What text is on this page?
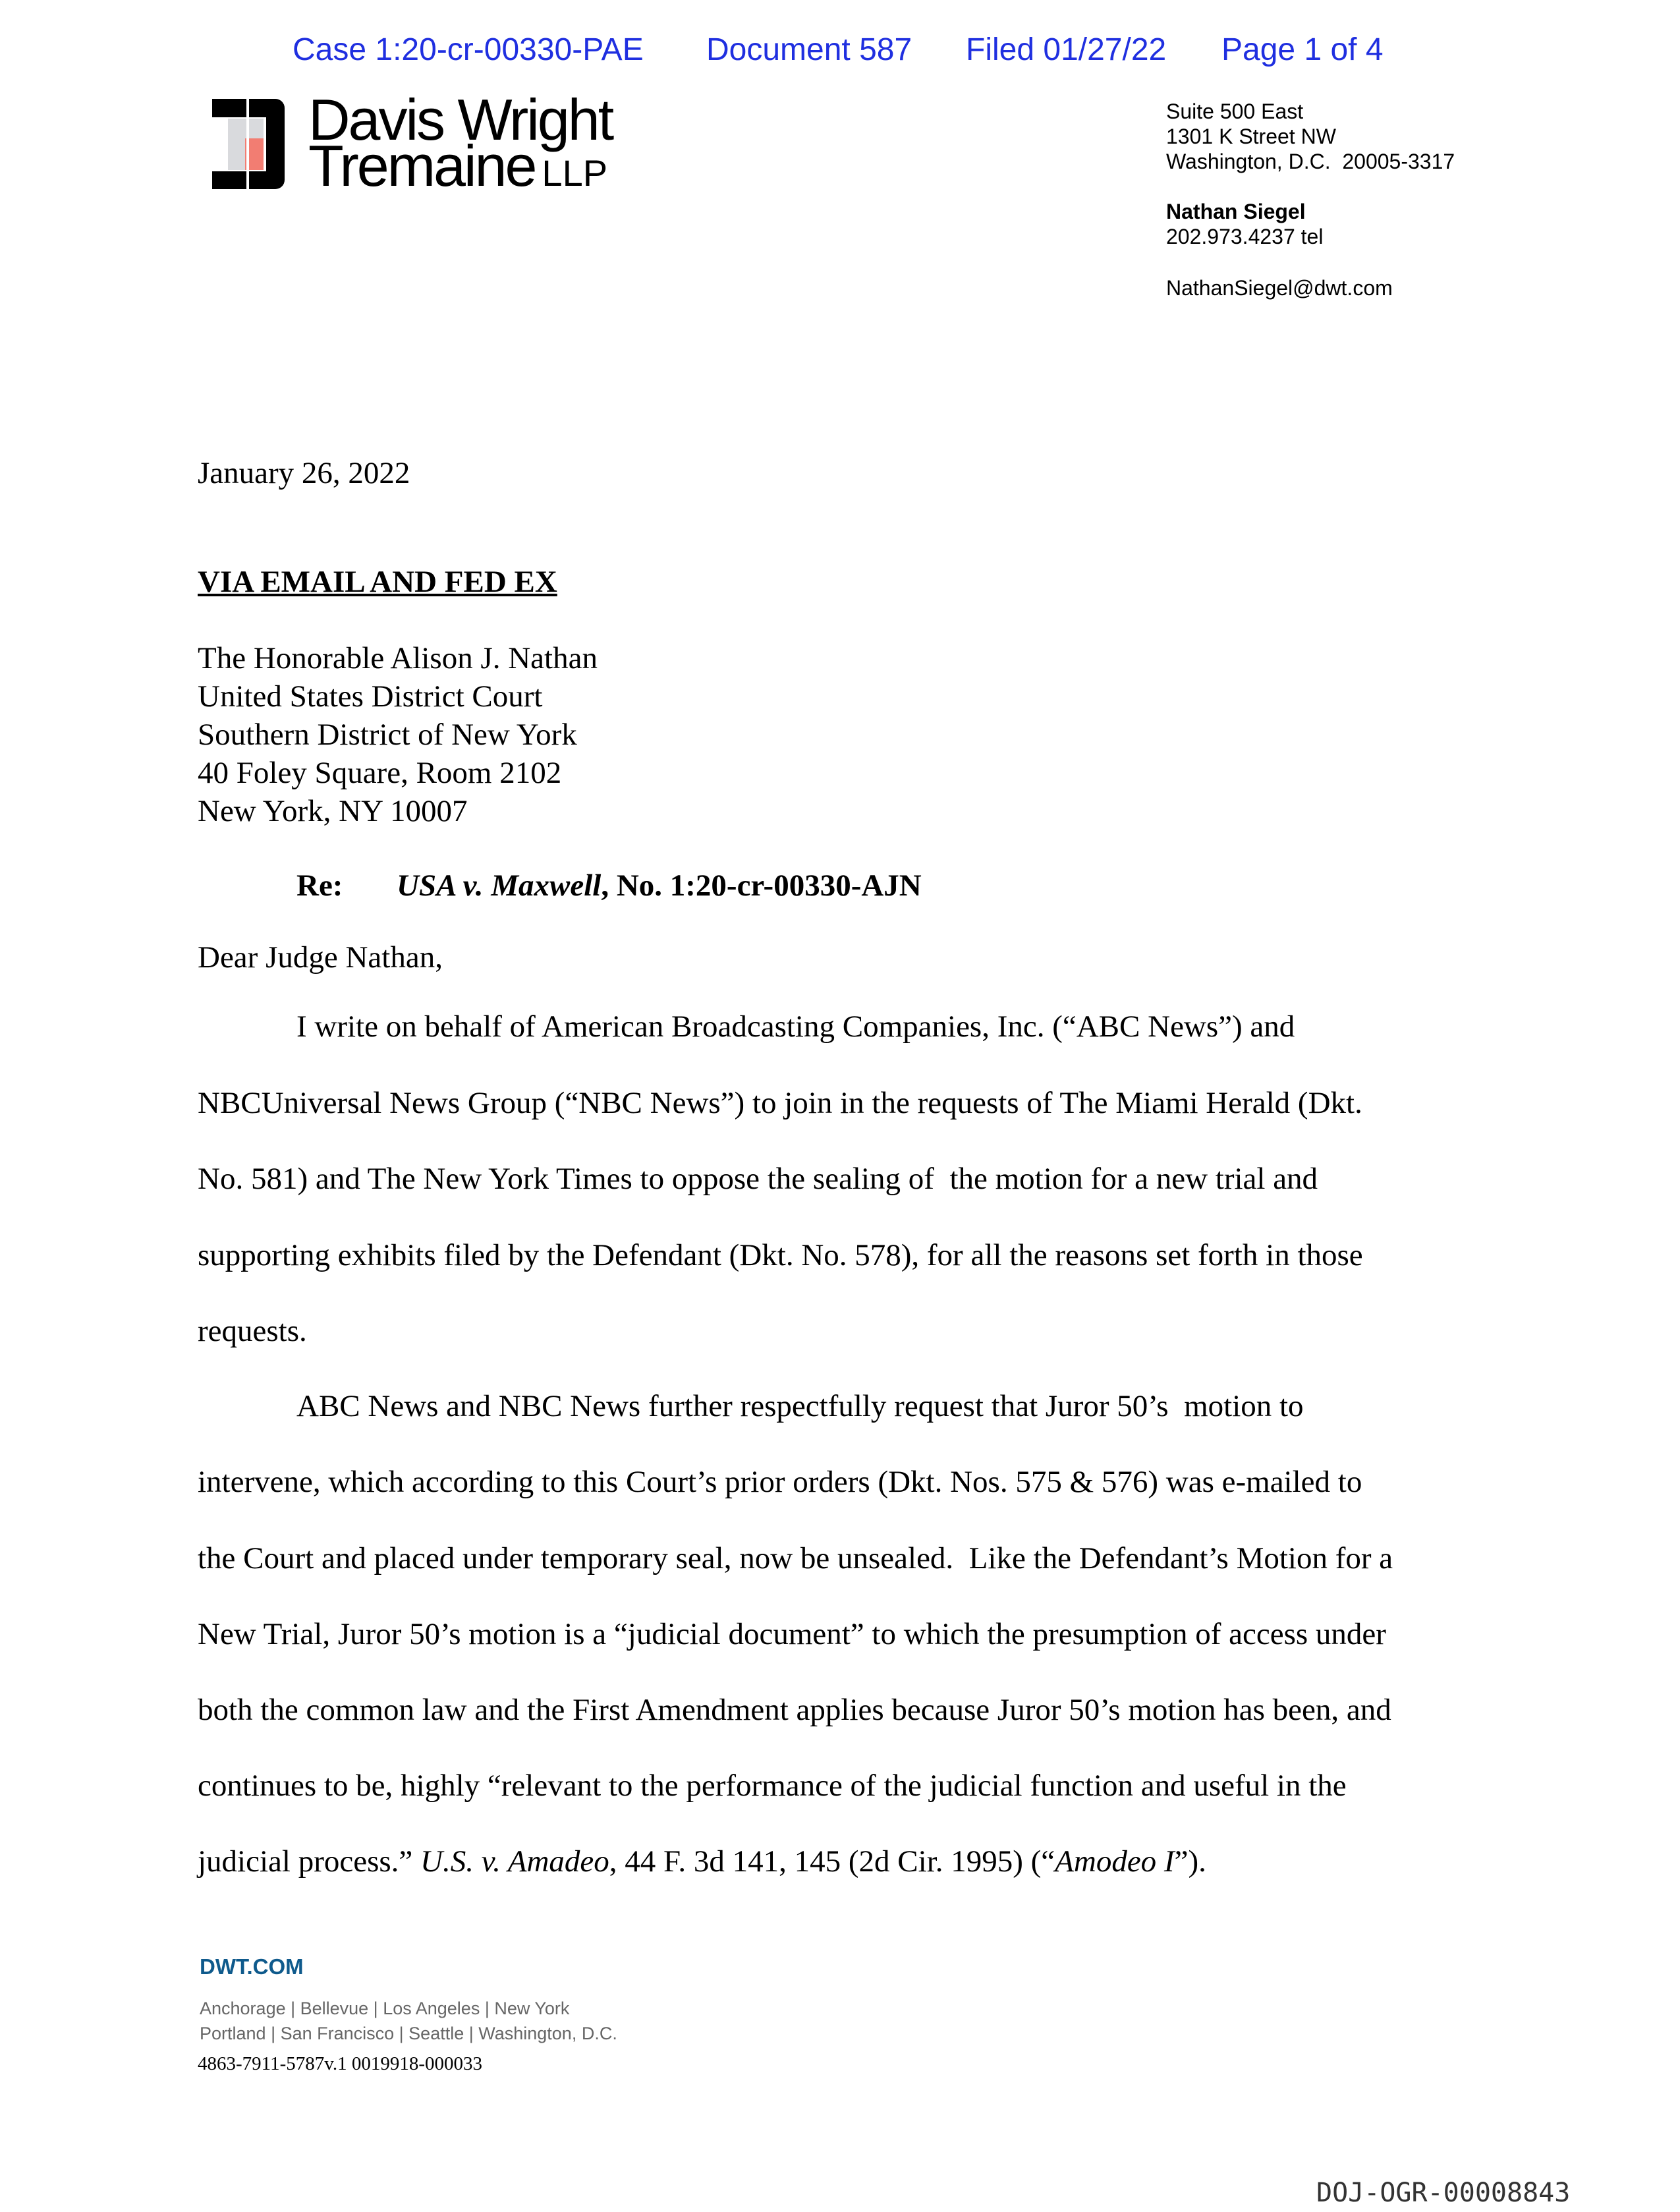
Case 1:20-cr-00330-PAE Document 587 Filed 01/27/22 Page 1 of 4

Davis Wright
Tremaine LLP
Suite 500 East
1301 K Street NW
Washington, D.C.  20005-3317
Nathan Siegel
202.973.4237 tel
NathanSiegel@dwt.com
January 26, 2022
VIA EMAIL AND FED EX
The Honorable Alison J. Nathan
United States District Court
Southern District of New York
40 Foley Square, Room 2102
New York, NY 10007
Re: USA v. Maxwell, No. 1:20-cr-00330-AJN
Dear Judge Nathan,
I write on behalf of American Broadcasting Companies, Inc. (“ABC News”) and
NBCUniversal News Group (“NBC News”) to join in the requests of The Miami Herald (Dkt.
No. 581) and The New York Times to oppose the sealing of  the motion for a new trial and
supporting exhibits filed by the Defendant (Dkt. No. 578), for all the reasons set forth in those
requests.
ABC News and NBC News further respectfully request that Juror 50’s  motion to
intervene, which according to this Court’s prior orders (Dkt. Nos. 575 & 576) was e-mailed to
the Court and placed under temporary seal, now be unsealed.  Like the Defendant’s Motion for a
New Trial, Juror 50’s motion is a “judicial document” to which the presumption of access under
both the common law and the First Amendment applies because Juror 50’s motion has been, and
continues to be, highly “relevant to the performance of the judicial function and useful in the
judicial process.” U.S. v. Amadeo, 44 F. 3d 141, 145 (2d Cir. 1995) (“Amodeo I”).
DWT.COM
Anchorage | Bellevue | Los Angeles | New York
Portland | San Francisco | Seattle | Washington, D.C.
4863-7911-5787v.1 0019918-000033
DOJ-OGR-00008843
